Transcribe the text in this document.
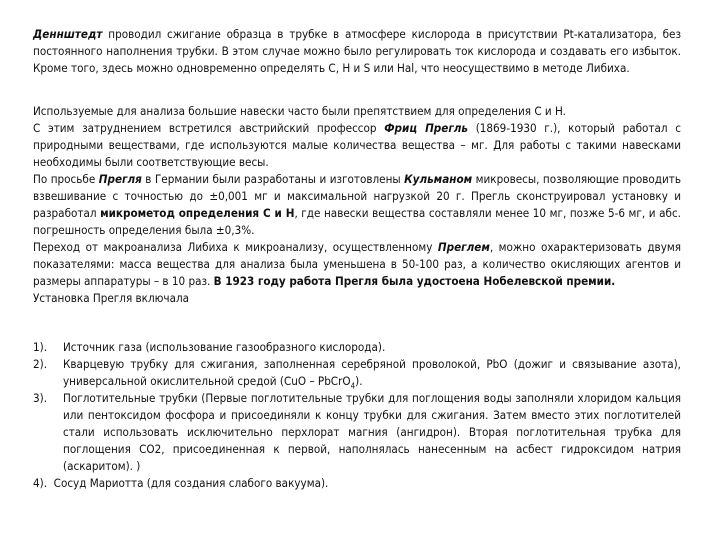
Деннштедт проводил сжигание образца в трубке в атмосфере кислорода в присутствии Pt-катализатора, без постоянного наполнения трубки. В этом случае можно было регулировать ток кислорода и создавать его избыток. Кроме того, здесь можно одновременно определять C, H и S или Hal, что неосуществимо в методе Либиха.

Используемые для анализа большие навески часто были препятствием для определения C и H.

С этим затруднением встретился австрийский профессор Фриц Прегль (1869-1930 г.), который работал с природными веществами, где используются малые количества вещества – мг. Для работы с такими навесками необходимы были соответствующие весы.

По просьбе Прегля в Германии были разработаны и изготовлены Кульманом микровесы, позволяющие проводить взвешивание с точностью до ±0,001 мг и максимальной нагрузкой 20 г. Прегль сконструировал установку и разработал микрометод определения C и H, где навески вещества составляли менее 10 мг, позже 5-6 мг, и абс. погрешность определения была ±0,3%.

Переход от макроанализа Либиха к микроанализу, осуществленному Преглем, можно охарактеризовать двумя показателями: масса вещества для анализа была уменьшена в 50-100 раз, а количество окисляющих агентов и размеры аппаратуры – в 10 раз. В 1923 году работа Прегля была удостоена Нобелевской премии.

Установка Прегля включала

1). Источник газа (использование газообразного кислорода).
2). Кварцевую трубку для сжигания, заполненная серебряной проволокой, PbO (дожиг и связывание азота), универсальной окислительной средой (CuO – PbCrO$_4$).
3). Поглотительные трубки (Первые поглотительные трубки для поглощения воды заполняли хлоридом кальция или пентоксидом фосфора и присоединяли к концу трубки для сжигания. Затем вместо этих поглотителей стали использовать исключительно перхлорат магния (ангидрон). Вторая поглотительная трубка для поглощения CO2, присоединенная к первой, наполнялась нанесенным на асбест гидроксидом натрия (аскаритом). )
4). Сосуд Мариотта (для создания слабого вакуума).
